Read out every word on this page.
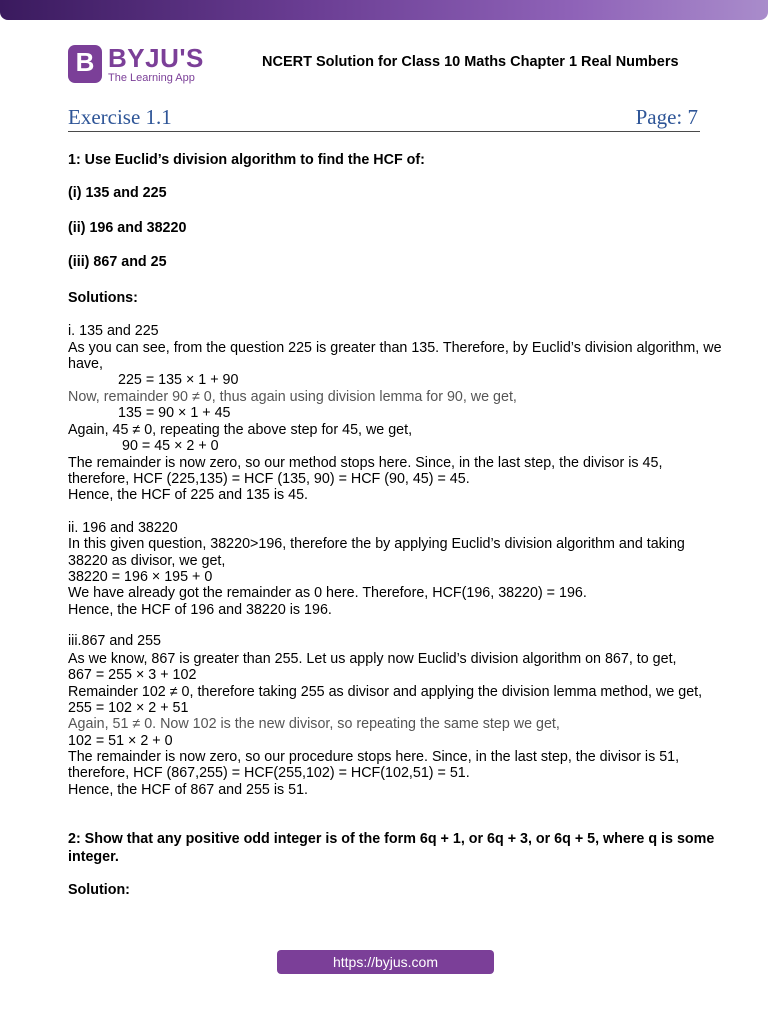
B BYJU'S
The Learning App
NCERT Solution for Class 10 Maths Chapter 1 Real Numbers
Exercise 1.1	Page: 7
1: Use Euclid’s division algorithm to find the HCF of:
(i) 135 and 225
(ii) 196 and 38220
(iii) 867 and 25
Solutions:
i. 135 and 225
As you can see, from the question 225 is greater than 135. Therefore, by Euclid’s division algorithm, we
have,
225 = 135 × 1 + 90
Now, remainder 90 ≠ 0, thus again using division lemma for 90, we get,
135 = 90 × 1 + 45
Again, 45 ≠ 0, repeating the above step for 45, we get,
90 = 45 × 2 + 0
The remainder is now zero, so our method stops here. Since, in the last step, the divisor is 45,
therefore, HCF (225,135) = HCF (135, 90) = HCF (90, 45) = 45.
Hence, the HCF of 225 and 135 is 45.
ii. 196 and 38220
In this given question, 38220>196, therefore the by applying Euclid’s division algorithm and taking
38220 as divisor, we get,
38220 = 196 × 195 + 0
We have already got the remainder as 0 here. Therefore, HCF(196, 38220) = 196.
Hence, the HCF of 196 and 38220 is 196.
iii.867 and 255
As we know, 867 is greater than 255. Let us apply now Euclid’s division algorithm on 867, to get,
867 = 255 × 3 + 102
Remainder 102 ≠ 0, therefore taking 255 as divisor and applying the division lemma method, we get,
255 = 102 × 2 + 51
Again, 51 ≠ 0. Now 102 is the new divisor, so repeating the same step we get,
102 = 51 × 2 + 0
The remainder is now zero, so our procedure stops here. Since, in the last step, the divisor is 51,
therefore, HCF (867,255) = HCF(255,102) = HCF(102,51) = 51.
Hence, the HCF of 867 and 255 is 51.
2: Show that any positive odd integer is of the form 6q + 1, or 6q + 3, or 6q + 5, where q is some
integer.
Solution:
https://byjus.com
